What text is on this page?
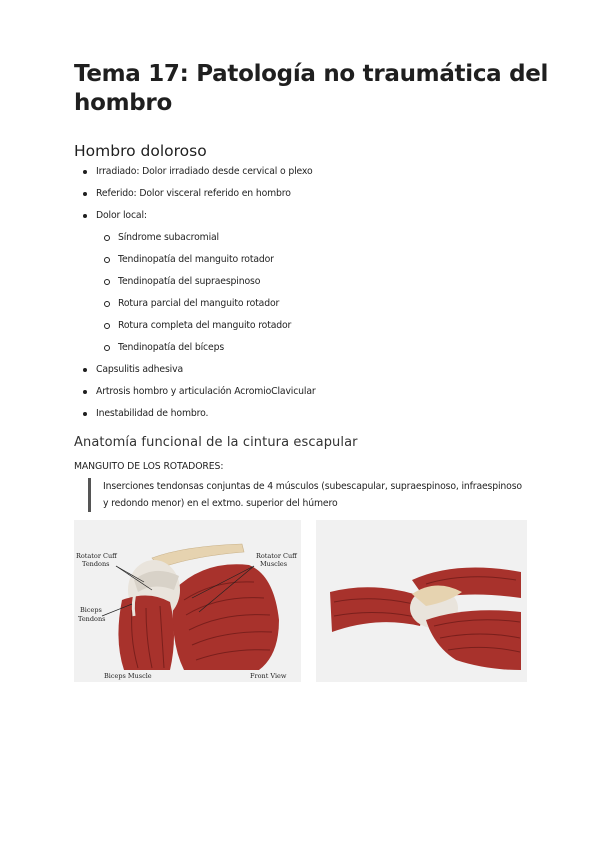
Tema 17: Patología no traumática del hombro
Hombro doloroso
Irradiado: Dolor irradiado desde cervical o plexo
Referido: Dolor visceral referido en hombro
Dolor local:
Síndrome subacromial
Tendinopatía del manguito rotador
Tendinopatía del supraespinoso
Rotura parcial del manguito rotador
Rotura completa del manguito rotador
Tendinopatía del bíceps
Capsulitis adhesiva
Artrosis hombro y articulación AcromioClavicular
Inestabilidad de hombro.
Anatomía funcional de la cintura escapular

MANGUITO DE LOS ROTADORES:

Inserciones tendonsas conjuntas de 4 músculos (subescapular, supraespinoso, infraespinoso y redondo menor) en el extmo. superior del húmero
Rotator Cuff
Tendons
Rotator Cuff
Muscles
Biceps
Tendons
Biceps Muscle	Front View
